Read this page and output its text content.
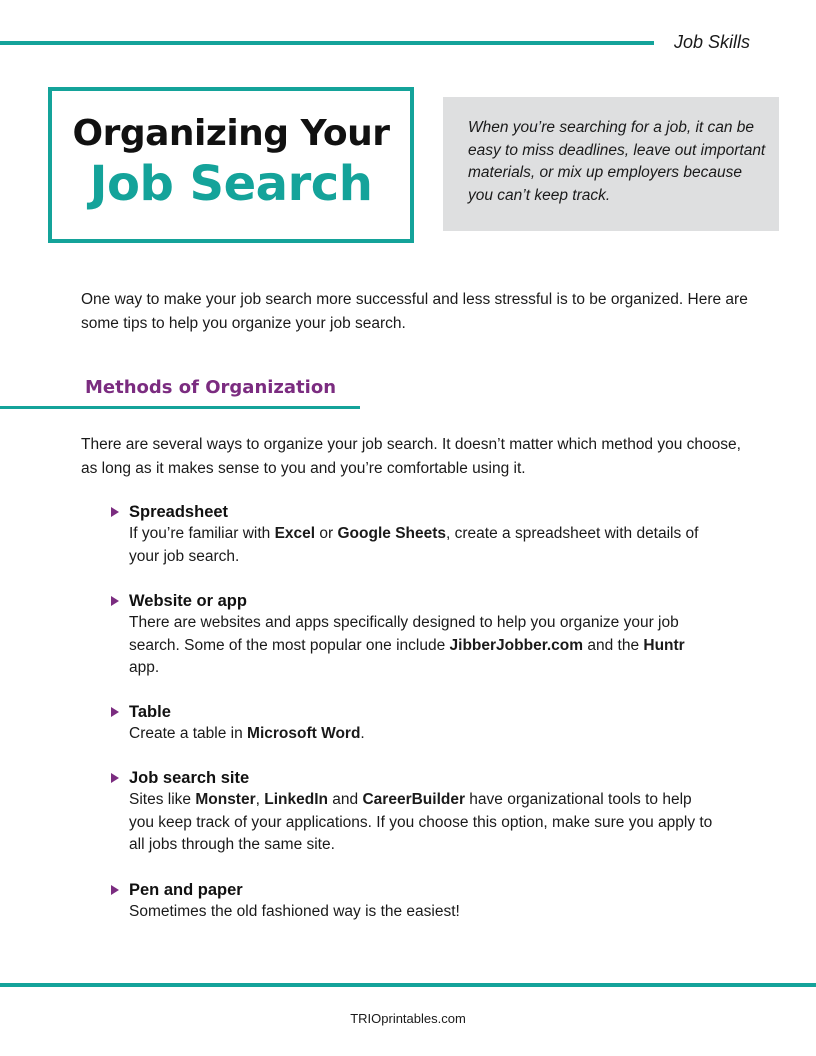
Job Skills
Organizing Your
Job Search
When you’re searching for a job, it can be easy to miss deadlines, leave out important materials, or mix up employers because you can’t keep track.
One way to make your job search more successful and less stressful is to be organized. Here are some tips to help you organize your job search.
Methods of Organization
There are several ways to organize your job search. It doesn’t matter which method you choose, as long as it makes sense to you and you’re comfortable using it.
Spreadsheet
If you’re familiar with Excel or Google Sheets, create a spreadsheet with details of your job search.
Website or app
There are websites and apps specifically designed to help you organize your job search. Some of the most popular one include JibberJobber.com and the Huntr app.
Table
Create a table in Microsoft Word.
Job search site
Sites like Monster, LinkedIn and CareerBuilder have organizational tools to help you keep track of your applications. If you choose this option, make sure you apply to all jobs through the same site.
Pen and paper
Sometimes the old fashioned way is the easiest!
TRIOprintables.com
